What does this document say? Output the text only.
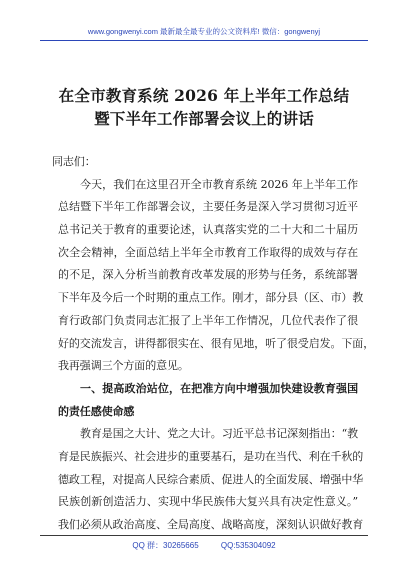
www.gongwenyi.com 最新最全最专业的公文资料库! 微信：gongwenyj
在全市教育系统 2026 年上半年工作总结
暨下半年工作部署会议上的讲话
同志们：
今天，我们在这里召开全市教育系统 2026 年上半年工作
总结暨下半年工作部署会议，主要任务是深入学习贯彻习近平
总书记关于教育的重要论述，认真落实党的二十大和二十届历
次全会精神，全面总结上半年全市教育工作取得的成效与存在
的不足，深入分析当前教育改革发展的形势与任务，系统部署
下半年及今后一个时期的重点工作。刚才，部分县（区、市）教
育行政部门负责同志汇报了上半年工作情况，几位代表作了很
好的交流发言，讲得都很实在、很有见地，听了很受启发。下面，
我再强调三个方面的意见。
一、提高政治站位，在把准方向中增强加快建设教育强国
的责任感使命感
教育是国之大计、党之大计。习近平总书记深刻指出：“教
育是民族振兴、社会进步的重要基石，是功在当代、利在千秋的
德政工程，对提高人民综合素质、促进人的全面发展、增强中华
民族创新创造活力、实现中华民族伟大复兴具有决定性意义。”
我们必须从政治高度、全局高度、战略高度，深刻认识做好教育
QQ 群：30265665	QQ:535304092
